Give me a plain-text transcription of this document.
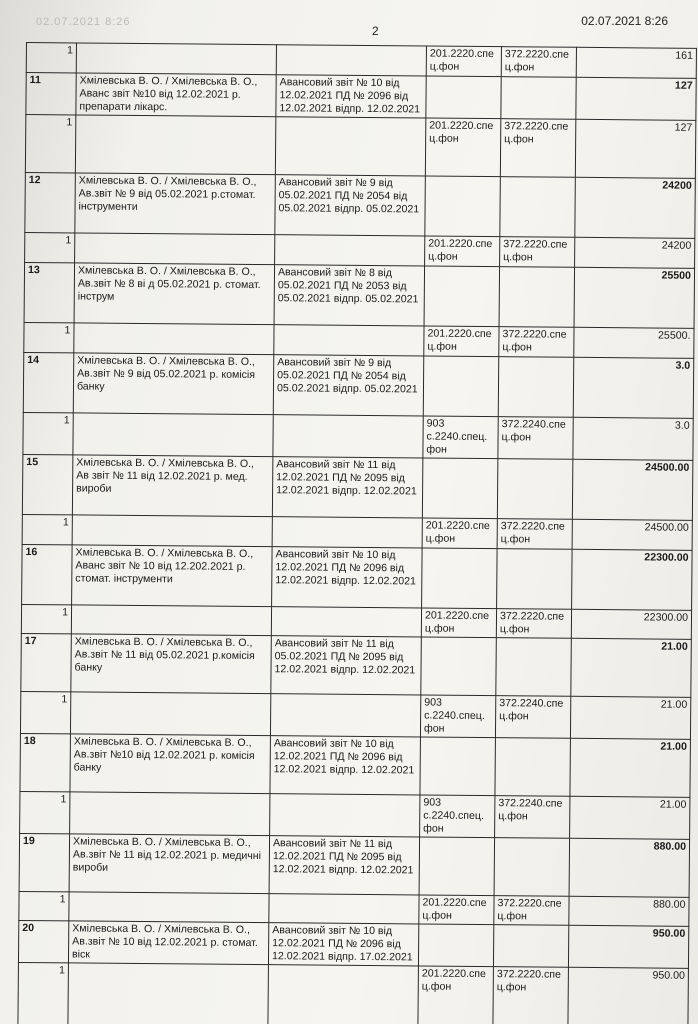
02.07.2021 8:26
2
02.07.2021 8:26
1			201.2220.спе ц.фон	372.2220.спе ц.фон	161
11	Хмілевська В. О. / Хмілевська В. О., Аванс звіт №10 від 12.02.2021 р. препарати лікарс.	Авансовий звіт № 10 від 12.02.2021 ПД № 2096 від 12.02.2021 відпр. 12.02.2021			127
1			201.2220.спе ц.фон	372.2220.спе ц.фон	127
12	Хмілевська В. О. / Хмілевська В. О., Ав.звіт № 9 від 05.02.2021 р.стомат. інструменти	Авансовий звіт № 9 від 05.02.2021 ПД № 2054 від 05.02.2021 відпр. 05.02.2021			24200
1			201.2220.спе ц.фон	372.2220.спе ц.фон	24200
13	Хмілевська В. О. / Хмілевська В. О., Ав.звіт № 8 ві д 05.02.2021 р. стомат. інструм	Авансовий звіт № 8 від 05.02.2021 ПД № 2053 від 05.02.2021 відпр. 05.02.2021			25500
1			201.2220.спе ц.фон	372.2220.спе ц.фон	25500.
14	Хмілевська В. О. / Хмілевська В. О., Ав.звіт № 9 від 05.02.2021 р. комісія банку	Авансовий звіт № 9 від 05.02.2021 ПД № 2054 від 05.02.2021 відпр. 05.02.2021			3.0
1			903 с.2240.спец. фон	372.2240.спе ц.фон	3.0
15	Хмілевська В. О. / Хмілевська В. О., Ав звіт № 11 від 12.02.2021 р. мед. вироби	Авансовий звіт № 11 від 12.02.2021 ПД № 2095 від 12.02.2021 відпр. 12.02.2021			24500.00
1			201.2220.спе ц.фон	372.2220.спе ц.фон	24500.00
16	Хмілевська В. О. / Хмілевська В. О., Аванс звіт № 10 від 12.202.2021 р. стомат. інструменти	Авансовий звіт № 10 від 12.02.2021 ПД № 2096 від 12.02.2021 відпр. 12.02.2021			22300.00
1			201.2220.спе ц.фон	372.2220.спе ц.фон	22300.00
17	Хмілевська В. О. / Хмілевська В. О., Ав.звіт № 11 від 05.02.2021 р.комісія банку	Авансовий звіт № 11 від 05.02.2021 ПД № 2095 від 12.02.2021 відпр. 12.02.2021			21.00
1			903 с.2240.спец. фон	372.2240.спе ц.фон	21.00
18	Хмілевська В. О. / Хмілевська В. О., Ав.звіт №10 від 12.02.2021 р. комісія банку	Авансовий звіт № 10 від 12.02.2021 ПД № 2096 від 12.02.2021 відпр. 12.02.2021			21.00
1			903 с.2240.спец. фон	372.2240.спе ц.фон	21.00
19	Хмілевська В. О. / Хмілевська В. О., Ав.звіт № 11 від 12.02.2021 р. медичні вироби	Авансовий звіт № 11 від 12.02.2021 ПД № 2095 від 12.02.2021 відпр. 12.02.2021			880.00
1			201.2220.спе ц.фон	372.2220.спе ц.фон	880.00
20	Хмілевська В. О. / Хмілевська В. О., Ав.звіт № 10 від 12.02.2021 р. стомат. віск	Авансовий звіт № 10 від 12.02.2021 ПД № 2096 від 12.02.2021 відпр. 17.02.2021			950.00
1			201.2220.спе ц.фон	372.2220.спе ц.фон	950.00
